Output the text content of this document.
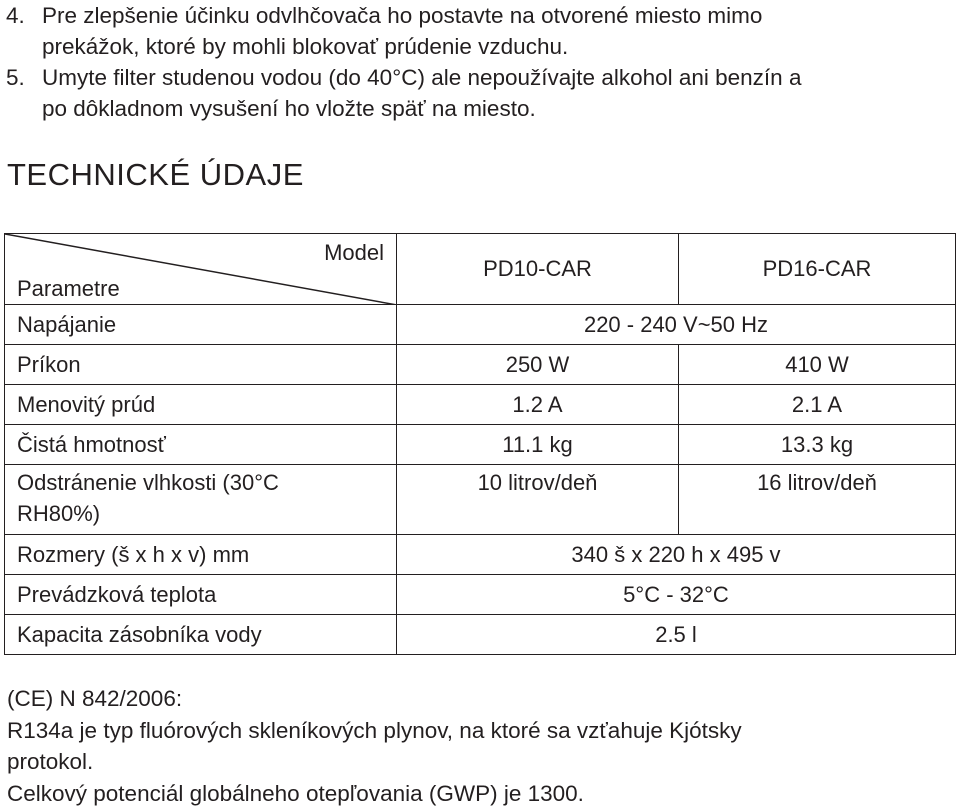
4. Pre zlepšenie účinku odvlhčovača ho postavte na otvorené miesto mimo
prekážok, ktoré by mohli blokovať prúdenie vzduchu.
5. Umyte filter studenou vodou (do 40°C) ale nepoužívajte alkohol ani benzín a
po dôkladnom vysušení ho vložte späť na miesto.
TECHNICKÉ ÚDAJE
Model
Parametre	PD10-CAR	PD16-CAR
Napájanie	220 - 240 V~50 Hz	
Príkon	250 W	410 W
Menovitý prúd	1.2 A	2.1 A
Čistá hmotnosť	11.1 kg	13.3 kg
Odstránenie vlhkosti (30°C
RH80%)	10 litrov/deň	16 litrov/deň
Rozmery (š x h x v) mm	340 š x 220 h x 495 v	
Prevádzková teplota	5°C - 32°C	
Kapacita zásobníka vody	2.5 l	
(CE) N 842/2006:
R134a je typ fluórových skleníkových plynov, na ktoré sa vzťahuje Kjótsky
protokol.
Celkový potenciál globálneho otepľovania (GWP) je 1300.
